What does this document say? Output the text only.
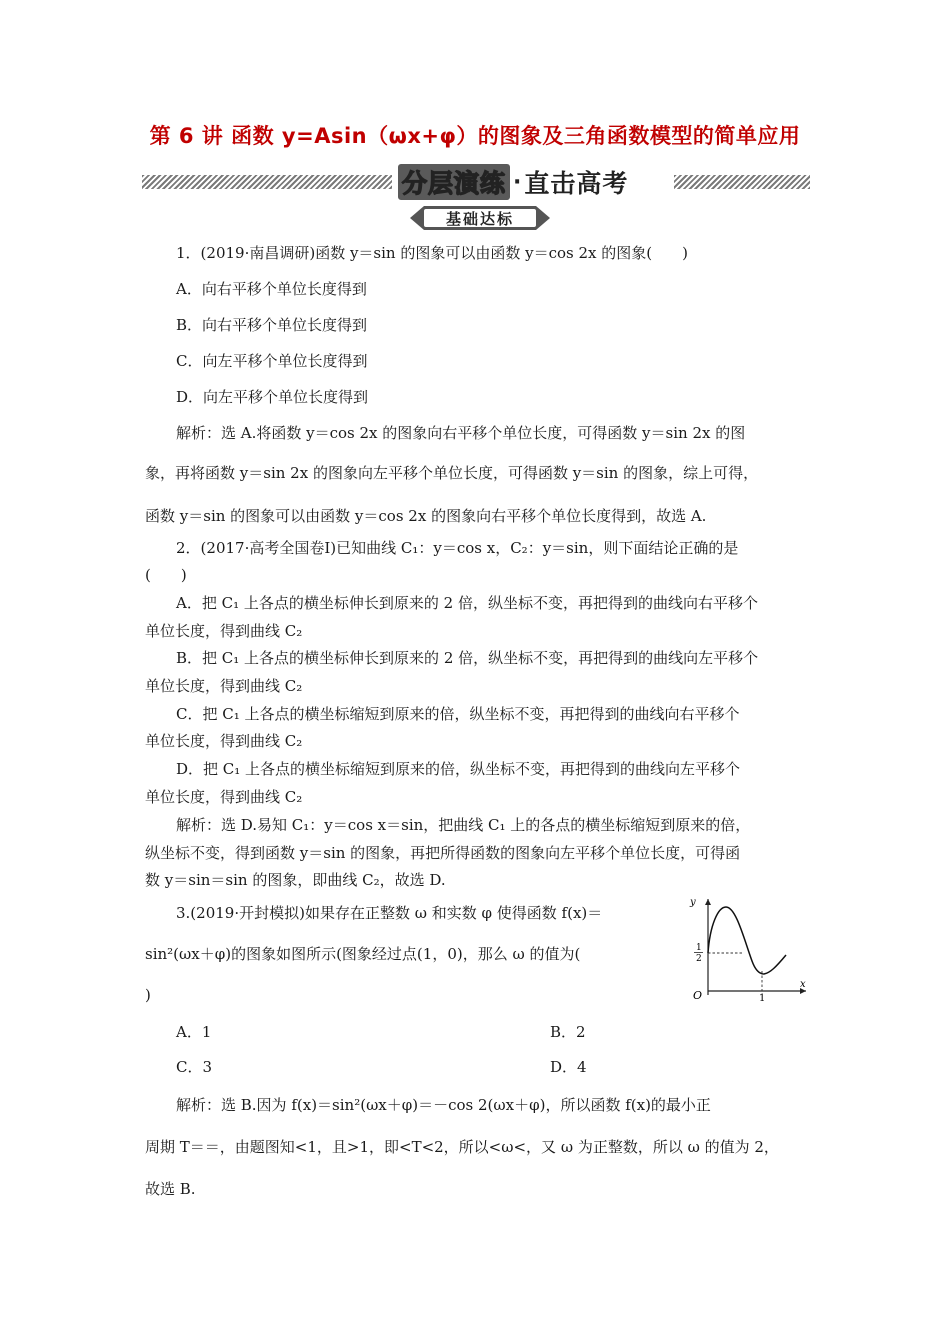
第 6 讲 函数 y=Asin（ωx+φ）的图象及三角函数模型的简单应用
分层演练 · 直击高考
基础达标
1．(2019·南昌调研)函数 y＝sin 的图象可以由函数 y＝cos 2x 的图象(　　)
A．向右平移个单位长度得到
B．向右平移个单位长度得到
C．向左平移个单位长度得到
D．向左平移个单位长度得到
解析：选 A.将函数 y＝cos 2x 的图象向右平移个单位长度，可得函数 y＝sin 2x 的图
象，再将函数 y＝sin 2x 的图象向左平移个单位长度，可得函数 y＝sin 的图象，综上可得，
函数 y＝sin 的图象可以由函数 y＝cos 2x 的图象向右平移个单位长度得到，故选 A.
2．(2017·高考全国卷Ⅰ)已知曲线 C₁：y＝cos x，C₂：y＝sin，则下面结论正确的是
(　　)
A．把 C₁ 上各点的横坐标伸长到原来的 2 倍，纵坐标不变，再把得到的曲线向右平移个
单位长度，得到曲线 C₂
B．把 C₁ 上各点的横坐标伸长到原来的 2 倍，纵坐标不变，再把得到的曲线向左平移个
单位长度，得到曲线 C₂
C．把 C₁ 上各点的横坐标缩短到原来的倍，纵坐标不变，再把得到的曲线向右平移个
单位长度，得到曲线 C₂
D．把 C₁ 上各点的横坐标缩短到原来的倍，纵坐标不变，再把得到的曲线向左平移个
单位长度，得到曲线 C₂
解析：选 D.易知 C₁：y＝cos x＝sin，把曲线 C₁ 上的各点的横坐标缩短到原来的倍，
纵坐标不变，得到函数 y＝sin 的图象，再把所得函数的图象向左平移个单位长度，可得函
数 y＝sin＝sin 的图象，即曲线 C₂，故选 D.
3.(2019·开封模拟)如果存在正整数 ω 和实数 φ 使得函数 f(x)＝
sin²(ωx＋φ)的图象如图所示(图象经过点(1，0)，那么 ω 的值为(
)
y
x
O
1
2
1
A．1	B．2
C．3	D．4
解析：选 B.因为 f(x)＝sin²(ωx＋φ)＝－cos 2(ωx＋φ)，所以函数 f(x)的最小正
周期 T＝＝，由题图知<1，且>1，即<T<2，所以<ω<，又 ω 为正整数，所以 ω 的值为 2，
故选 B.
